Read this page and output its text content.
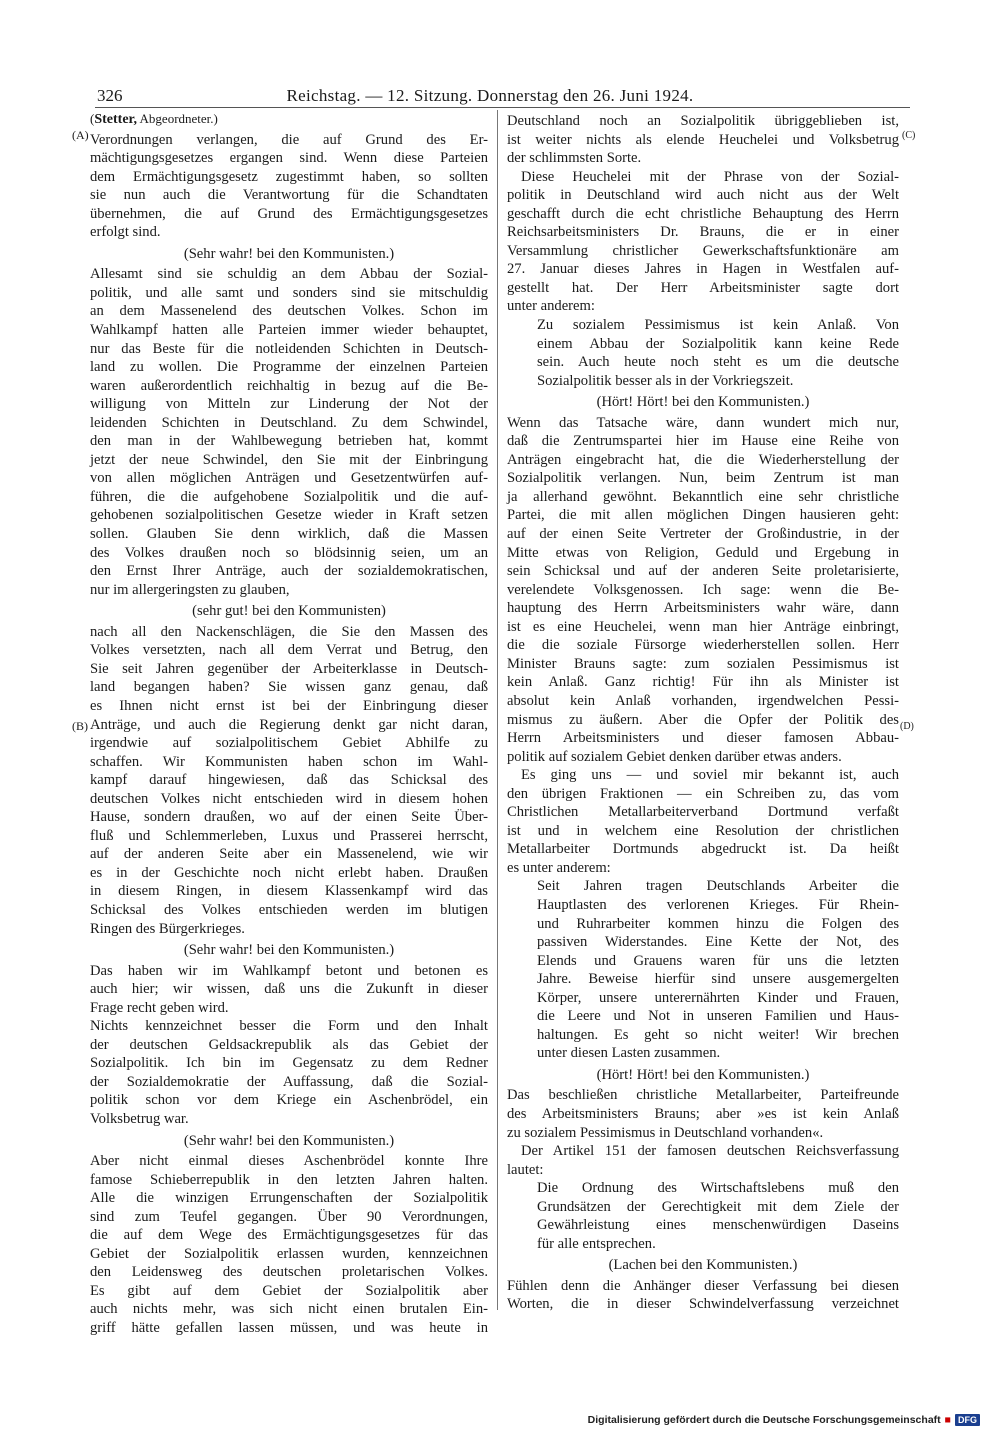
326	Reichstag. — 12. Sitzung. Donnerstag den 26. Juni 1924.
(A)
(B)
(C)
(D)
(Stetter, Abgeordneter.)
Verordnungen verlangen, die auf Grund des Er-
mächtigungsgesetzes ergangen sind. Wenn diese Parteien
dem Ermächtigungsgesetz zugestimmt haben, so sollten
sie nun auch die Verantwortung für die Schandtaten
übernehmen, die auf Grund des Ermächtigungsgesetzes
erfolgt sind.
(Sehr wahr! bei den Kommunisten.)
Allesamt sind sie schuldig an dem Abbau der Sozial-
politik, und alle samt und sonders sind sie mitschuldig
an dem Massenelend des deutschen Volkes. Schon im
Wahlkampf hatten alle Parteien immer wieder behauptet,
nur das Beste für die notleidenden Schichten in Deutsch-
land zu wollen. Die Programme der einzelnen Parteien
waren außerordentlich reichhaltig in bezug auf die Be-
willigung von Mitteln zur Linderung der Not der
leidenden Schichten in Deutschland. Zu dem Schwindel,
den man in der Wahlbewegung betrieben hat, kommt
jetzt der neue Schwindel, den Sie mit der Einbringung
von allen möglichen Anträgen und Gesetzentwürfen auf-
führen, die die aufgehobene Sozialpolitik und die auf-
gehobenen sozialpolitischen Gesetze wieder in Kraft setzen
sollen. Glauben Sie denn wirklich, daß die Massen
des Volkes draußen noch so blödsinnig seien, um an
den Ernst Ihrer Anträge, auch der sozialdemokratischen,
nur im allergeringsten zu glauben,
(sehr gut! bei den Kommunisten)
nach all den Nackenschlägen, die Sie den Massen des
Volkes versetzten, nach all dem Verrat und Betrug, den
Sie seit Jahren gegenüber der Arbeiterklasse in Deutsch-
land begangen haben? Sie wissen ganz genau, daß
es Ihnen nicht ernst ist bei der Einbringung dieser
Anträge, und auch die Regierung denkt gar nicht daran,
irgendwie auf sozialpolitischem Gebiet Abhilfe zu
schaffen. Wir Kommunisten haben schon im Wahl-
kampf darauf hingewiesen, daß das Schicksal des
deutschen Volkes nicht entschieden wird in diesem hohen
Hause, sondern draußen, wo auf der einen Seite Über-
fluß und Schlemmerleben, Luxus und Prasserei herrscht,
auf der anderen Seite aber ein Massenelend, wie wir
es in der Geschichte noch nicht erlebt haben. Draußen
in diesem Ringen, in diesem Klassenkampf wird das
Schicksal des Volkes entschieden werden im blutigen
Ringen des Bürgerkrieges.
(Sehr wahr! bei den Kommunisten.)
Das haben wir im Wahlkampf betont und betonen es
auch hier; wir wissen, daß uns die Zukunft in dieser
Frage recht geben wird.
Nichts kennzeichnet besser die Form und den Inhalt
der deutschen Geldsackrepublik als das Gebiet der
Sozialpolitik. Ich bin im Gegensatz zu dem Redner
der Sozialdemokratie der Auffassung, daß die Sozial-
politik schon vor dem Kriege ein Aschenbrödel, ein
Volksbetrug war.
(Sehr wahr! bei den Kommunisten.)
Aber nicht einmal dieses Aschenbrödel konnte Ihre
famose Schieberrepublik in den letzten Jahren halten.
Alle die winzigen Errungenschaften der Sozialpolitik
sind zum Teufel gegangen. Über 90 Verordnungen,
die auf dem Wege des Ermächtigungsgesetzes für das
Gebiet der Sozialpolitik erlassen wurden, kennzeichnen
den Leidensweg des deutschen proletarischen Volkes.
Es gibt auf dem Gebiet der Sozialpolitik aber
auch nichts mehr, was sich nicht einen brutalen Ein-
griff hätte gefallen lassen müssen, und was heute in
Deutschland noch an Sozialpolitik übriggeblieben ist,
ist weiter nichts als elende Heuchelei und Volksbetrug
der schlimmsten Sorte.
Diese Heuchelei mit der Phrase von der Sozial-
politik in Deutschland wird auch nicht aus der Welt
geschafft durch die echt christliche Behauptung des Herrn
Reichsarbeitsministers Dr. Brauns, die er in einer
Versammlung christlicher Gewerkschaftsfunktionäre am
27. Januar dieses Jahres in Hagen in Westfalen auf-
gestellt hat. Der Herr Arbeitsminister sagte dort
unter anderem:
Zu sozialem Pessimismus ist kein Anlaß. Von
einem Abbau der Sozialpolitik kann keine Rede
sein. Auch heute noch steht es um die deutsche
Sozialpolitik besser als in der Vorkriegszeit.
(Hört! Hört! bei den Kommunisten.)
Wenn das Tatsache wäre, dann wundert mich nur,
daß die Zentrumspartei hier im Hause eine Reihe von
Anträgen eingebracht hat, die die Wiederherstellung der
Sozialpolitik verlangen. Nun, beim Zentrum ist man
ja allerhand gewöhnt. Bekanntlich eine sehr christliche
Partei, die mit allen möglichen Dingen hausieren geht:
auf der einen Seite Vertreter der Großindustrie, in der
Mitte etwas von Religion, Geduld und Ergebung in
sein Schicksal und auf der anderen Seite proletarisierte,
verelendete Volksgenossen. Ich sage: wenn die Be-
hauptung des Herrn Arbeitsministers wahr wäre, dann
ist es eine Heuchelei, wenn man hier Anträge einbringt,
die die soziale Fürsorge wiederherstellen sollen. Herr
Minister Brauns sagte: zum sozialen Pessimismus ist
kein Anlaß. Ganz richtig! Für ihn als Minister ist
absolut kein Anlaß vorhanden, irgendwelchen Pessi-
mismus zu äußern. Aber die Opfer der Politik des
Herrn Arbeitsministers und dieser famosen Abbau-
politik auf sozialem Gebiet denken darüber etwas anders.
Es ging uns — und soviel mir bekannt ist, auch
den übrigen Fraktionen — ein Schreiben zu, das vom
Christlichen Metallarbeiterverband Dortmund verfaßt
ist und in welchem eine Resolution der christlichen
Metallarbeiter Dortmunds abgedruckt ist. Da heißt
es unter anderem:
Seit Jahren tragen Deutschlands Arbeiter die
Hauptlasten des verlorenen Krieges. Für Rhein-
und Ruhrarbeiter kommen hinzu die Folgen des
passiven Widerstandes. Eine Kette der Not, des
Elends und Grauens waren für uns die letzten
Jahre. Beweise hierfür sind unsere ausgemergelten
Körper, unsere unterernährten Kinder und Frauen,
die Leere und Not in unseren Familien und Haus-
haltungen. Es geht so nicht weiter! Wir brechen
unter diesen Lasten zusammen.
(Hört! Hört! bei den Kommunisten.)
Das beschließen christliche Metallarbeiter, Parteifreunde
des Arbeitsministers Brauns; aber »es ist kein Anlaß
zu sozialem Pessimismus in Deutschland vorhanden«.
Der Artikel 151 der famosen deutschen Reichsverfassung
lautet:
Die Ordnung des Wirtschaftslebens muß den
Grundsätzen der Gerechtigkeit mit dem Ziele der
Gewährleistung eines menschenwürdigen Daseins
für alle entsprechen.
(Lachen bei den Kommunisten.)
Fühlen denn die Anhänger dieser Verfassung bei diesen
Worten, die in dieser Schwindelverfassung verzeichnet
Digitalisierung gefördert durch die Deutsche Forschungsgemeinschaft ■ DFG
